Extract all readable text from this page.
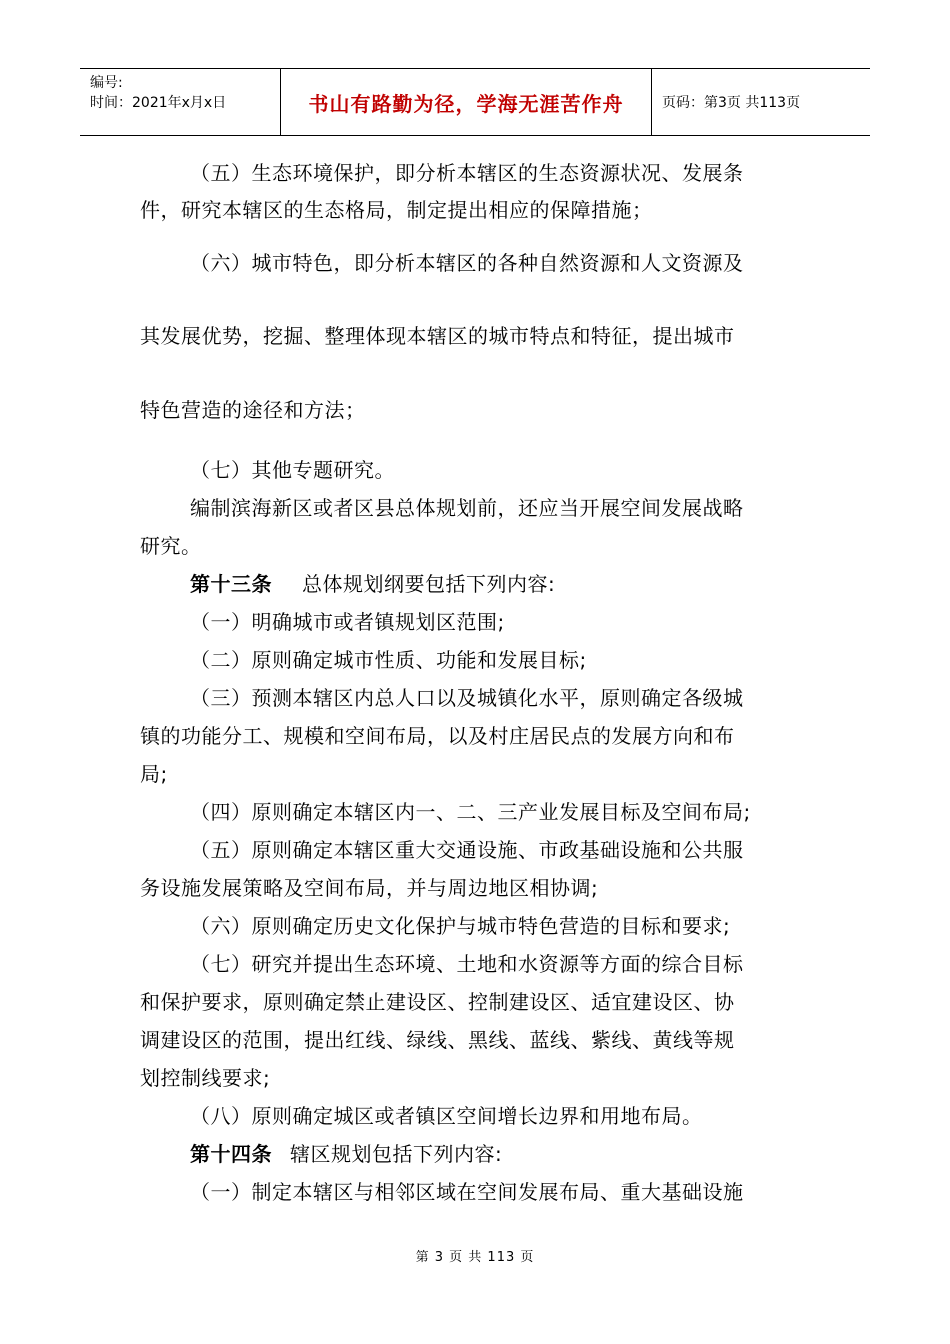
编号:
时间：2021年x月x日	书山有路勤为径，学海无涯苦作舟	页码：第3页 共113页
（五）生态环境保护，即分析本辖区的生态资源状况、发展条
件，研究本辖区的生态格局，制定提出相应的保障措施；
（六）城市特色，即分析本辖区的各种自然资源和人文资源及
其发展优势，挖掘、整理体现本辖区的城市特点和特征，提出城市
特色营造的途径和方法；
（七）其他专题研究。
编制滨海新区或者区县总体规划前，还应当开展空间发展战略
研究。
第十三条 总体规划纲要包括下列内容:
（一）明确城市或者镇规划区范围;
（二）原则确定城市性质、功能和发展目标;
（三）预测本辖区内总人口以及城镇化水平，原则确定各级城
镇的功能分工、规模和空间布局，以及村庄居民点的发展方向和布
局;
（四）原则确定本辖区内一、二、三产业发展目标及空间布局;
（五）原则确定本辖区重大交通设施、市政基础设施和公共服
务设施发展策略及空间布局，并与周边地区相协调;
（六）原则确定历史文化保护与城市特色营造的目标和要求;
（七）研究并提出生态环境、土地和水资源等方面的综合目标
和保护要求，原则确定禁止建设区、控制建设区、适宜建设区、协
调建设区的范围，提出红线、绿线、黑线、蓝线、紫线、黄线等规
划控制线要求;
（八）原则确定城区或者镇区空间增长边界和用地布局。
第十四条 辖区规划包括下列内容:
（一）制定本辖区与相邻区域在空间发展布局、重大基础设施
第 3 页 共 113 页
